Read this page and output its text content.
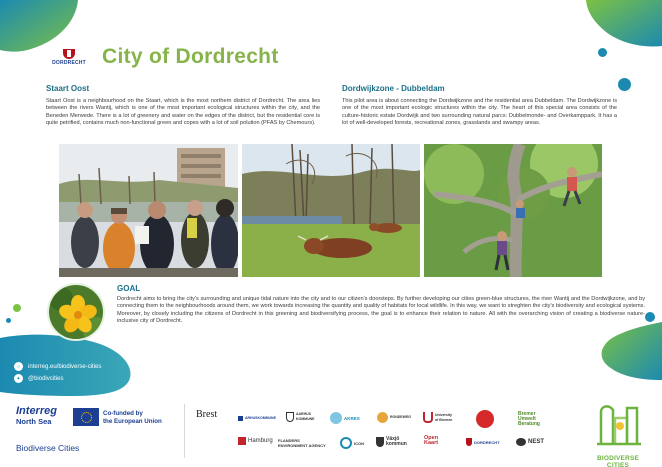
DORDRECHT City of Dordrecht
Staart Oost
Staart Oost is a neighbourhood on the Staart, which is the most northern district of Dordrecht. The area lies between the rivers Wantij, which is one of the most important ecological structures within the city, and the Beneden Merwede. There is a lot of greenery and water on the edges of the district, but the residential core is quite petrified, contains much non-functional green and copes with a lot of soil polution (PFAS by Chemours).
Dordwijkzone - Dubbeldam
This pilot area is about connecting the Dordwijkzone and the residential area Dubbeldam. The Dordwijkzone is one of the most important ecologic structures within the city. The heart of this special area consists of the culture-historic estate Dordwijk and two surrounding natural parcs: Dubbelmonde- and Overkamppark. It has a lot of well-developed forests, recreational zones, grasslands and swampy areas.
GOAL
Dordrecht aims to bring the city's surrounding and unique tidal nature into the city and to our citizen's doorsteps. By further developing our cities green-blue structures, the river Wantij and the Dordwijkzone, and by connecting them to the neighbourhoods around them, we work towards increasing the quantity and quality of habitats for local wildlife. In this way, we want to streghten the city's biodiversity and ecological systems. Moreover, by closely including the citizens of Dordrecht in this greening and biodiversifying process, the goal is to enhance their relation to nature. All with the overarching vision of creating a biodiverse nature-inclusive city of Dordrecht.
○	interreg.eu/biodiverse-cities
✦	@biodivcities
Interreg
North Sea
Co-funded by
the European Union
Biodiverse Cities
Brest	ARHUSKOMMUNE
AARHUS KOMMUNE	AKRES	RONDEWEG
University of Bremen
Bremer Umwelt Beratung
Hamburg FLANDERS ENVIRONMENT AGENCY	ICON
Växjö kommun
Open Kaart	DORDRECHT	NEST
BIODIVERSE CITIES
